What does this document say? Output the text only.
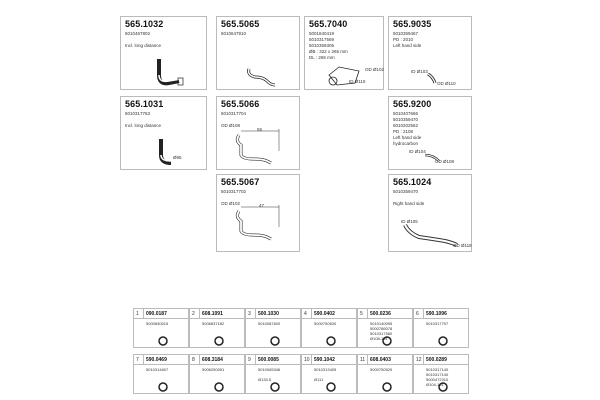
565.1032
5010467802

Incl. long distance
565.5065
5010647910
565.7040
5001840419
5010317569
5010359305
ØB : 322 x 265 mm
DL : 265 mm
OD Ø102
ID Ø110
565.9035
5010359467
PD : 2010
Left hand side
ID Ø103
OD Ø110
565.1031
5010317763

Incl. long distance
Ø95
565.5066
5010317704

OD Ø108
55
565.9200
5010407666
5010359470
5010202562
PD : 2108
Left hand side
hydrocarbon
ID Ø104
OD Ø108
565.5067
5010317702

OD Ø102	47
565.1024
5010359470

Right hand side
ID Ø105
OD Ø118
1 090.0187
5000830015
2 608.1091
5006837182
3 500.1030
5010087600
4 590.0402
5000750630
5 500.0236
5010140095
5000786078
5010317580
Ø108-114
6 590.1096
5010317797
7 590.0469
5010314607
8 608.3184
5006250051
9 500.0085
5010065346

Ø133.5
10 590.1042
5010313405

Ø111
11 608.0403
5000750529
12 500.0289
5010317140
5010317140
5000472310
Ø104-101
